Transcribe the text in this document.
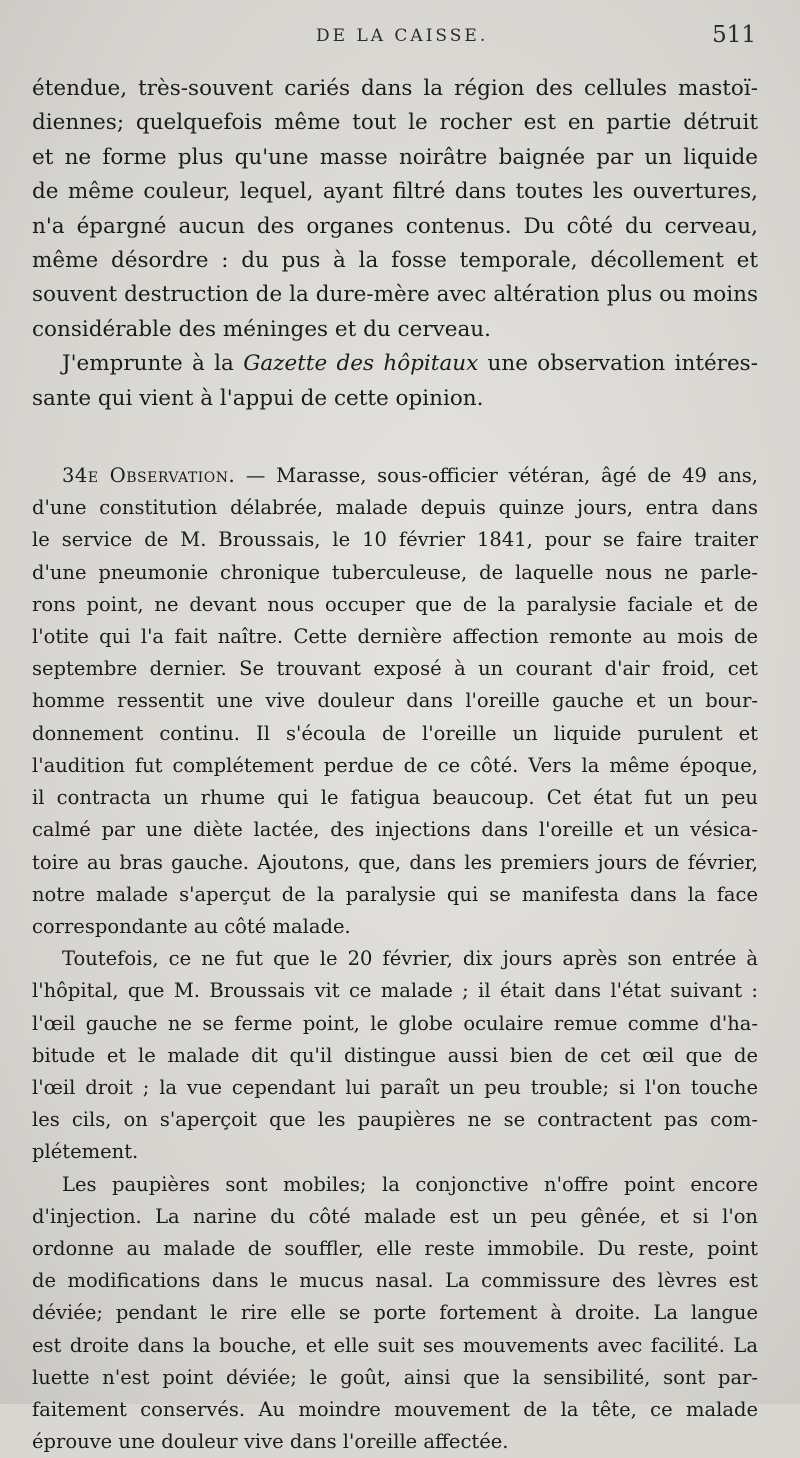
DE LA CAISSE.	511

étendue, très-souvent cariés dans la région des cellules mastoï-

diennes; quelquefois même tout le rocher est en partie détruit

et ne forme plus qu'une masse noirâtre baignée par un liquide

de même couleur, lequel, ayant filtré dans toutes les ouvertures,

n'a épargné aucun des organes contenus. Du côté du cerveau,

même désordre : du pus à la fosse temporale, décollement et

souvent destruction de la dure-mère avec altération plus ou moins

considérable des méninges et du cerveau.

J'emprunte à la Gazette des hôpitaux une observation intéres-

sante qui vient à l'appui de cette opinion.

34e Observation. — Marasse, sous-officier vétéran, âgé de 49 ans,

d'une constitution délabrée, malade depuis quinze jours, entra dans

le service de M. Broussais, le 10 février 1841, pour se faire traiter

d'une pneumonie chronique tuberculeuse, de laquelle nous ne parle-

rons point, ne devant nous occuper que de la paralysie faciale et de

l'otite qui l'a fait naître. Cette dernière affection remonte au mois de

septembre dernier. Se trouvant exposé à un courant d'air froid, cet

homme ressentit une vive douleur dans l'oreille gauche et un bour-

donnement continu. Il s'écoula de l'oreille un liquide purulent et

l'audition fut complétement perdue de ce côté. Vers la même époque,

il contracta un rhume qui le fatigua beaucoup. Cet état fut un peu

calmé par une diète lactée, des injections dans l'oreille et un vésica-

toire au bras gauche. Ajoutons, que, dans les premiers jours de février,

notre malade s'aperçut de la paralysie qui se manifesta dans la face

correspondante au côté malade.

Toutefois, ce ne fut que le 20 février, dix jours après son entrée à

l'hôpital, que M. Broussais vit ce malade ; il était dans l'état suivant :

l'œil gauche ne se ferme point, le globe oculaire remue comme d'ha-

bitude et le malade dit qu'il distingue aussi bien de cet œil que de

l'œil droit ; la vue cependant lui paraît un peu trouble; si l'on touche

les cils, on s'aperçoit que les paupières ne se contractent pas com-

plétement.

Les paupières sont mobiles; la conjonctive n'offre point encore

d'injection. La narine du côté malade est un peu gênée, et si l'on

ordonne au malade de souffler, elle reste immobile. Du reste, point

de modifications dans le mucus nasal. La commissure des lèvres est

déviée; pendant le rire elle se porte fortement à droite. La langue

est droite dans la bouche, et elle suit ses mouvements avec facilité. La

luette n'est point déviée; le goût, ainsi que la sensibilité, sont par-

faitement conservés. Au moindre mouvement de la tête, ce malade

éprouve une douleur vive dans l'oreille affectée.
